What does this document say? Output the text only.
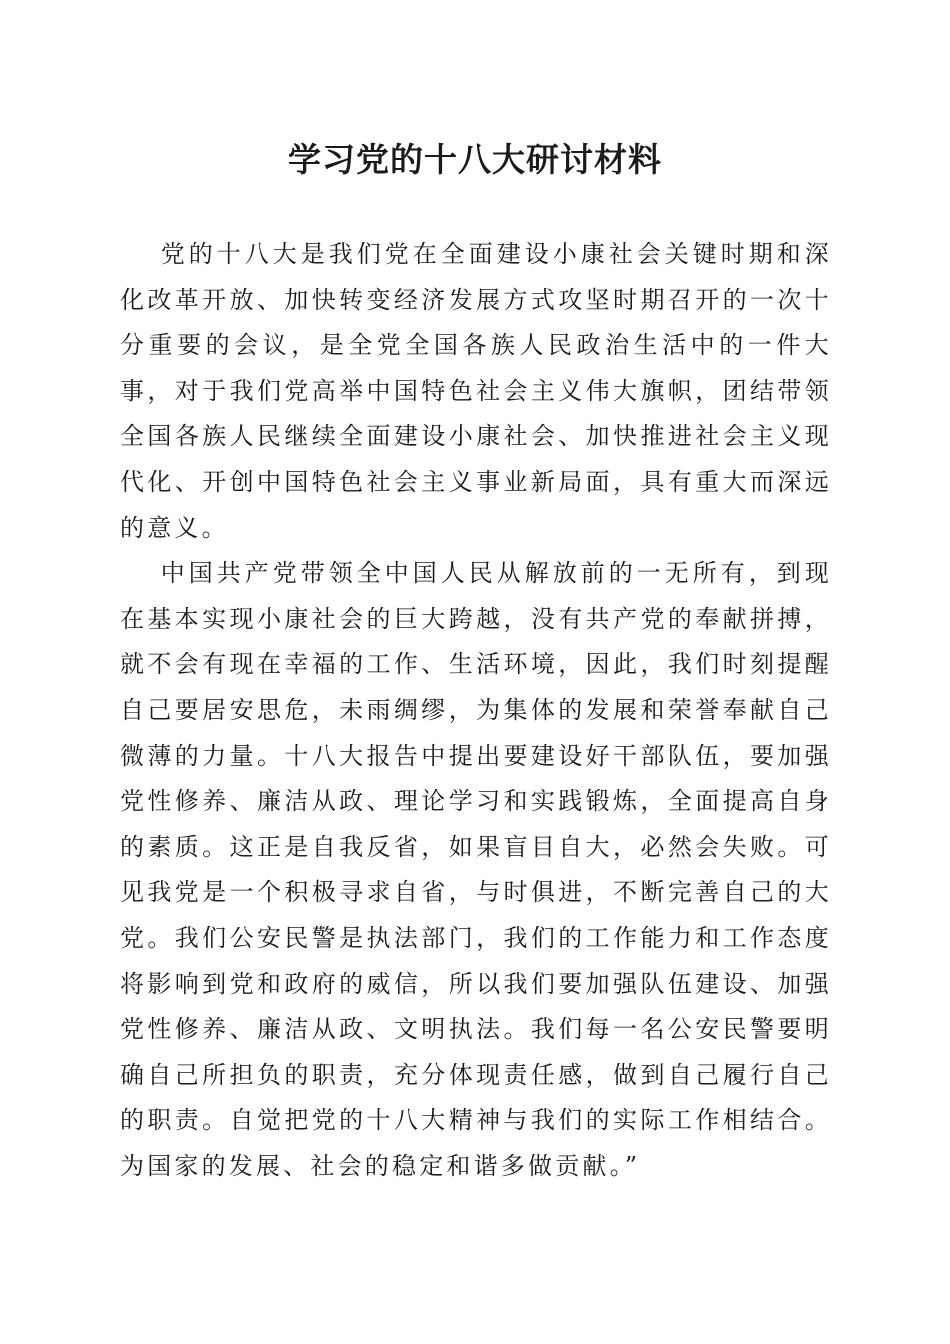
学习党的十八大研讨材料

党的十八大是我们党在全面建设小康社会关键时期和深化改革开放、加快转变经济发展方式攻坚时期召开的一次十分重要的会议，是全党全国各族人民政治生活中的一件大事，对于我们党高举中国特色社会主义伟大旗帜，团结带领全国各族人民继续全面建设小康社会、加快推进社会主义现代化、开创中国特色社会主义事业新局面，具有重大而深远的意义。

中国共产党带领全中国人民从解放前的一无所有，到现在基本实现小康社会的巨大跨越，没有共产党的奉献拼搏，就不会有现在幸福的工作、生活环境，因此，我们时刻提醒自己要居安思危，未雨绸缪，为集体的发展和荣誉奉献自己微薄的力量。十八大报告中提出要建设好干部队伍，要加强党性修养、廉洁从政、理论学习和实践锻炼，全面提高自身的素质。这正是自我反省，如果盲目自大，必然会失败。可见我党是一个积极寻求自省，与时俱进，不断完善自己的大党。我们公安民警是执法部门，我们的工作能力和工作态度将影响到党和政府的威信，所以我们要加强队伍建设、加强党性修养、廉洁从政、文明执法。我们每一名公安民警要明确自己所担负的职责，充分体现责任感，做到自己履行自己的职责。自觉把党的十八大精神与我们的实际工作相结合。为国家的发展、社会的稳定和谐多做贡献。”
